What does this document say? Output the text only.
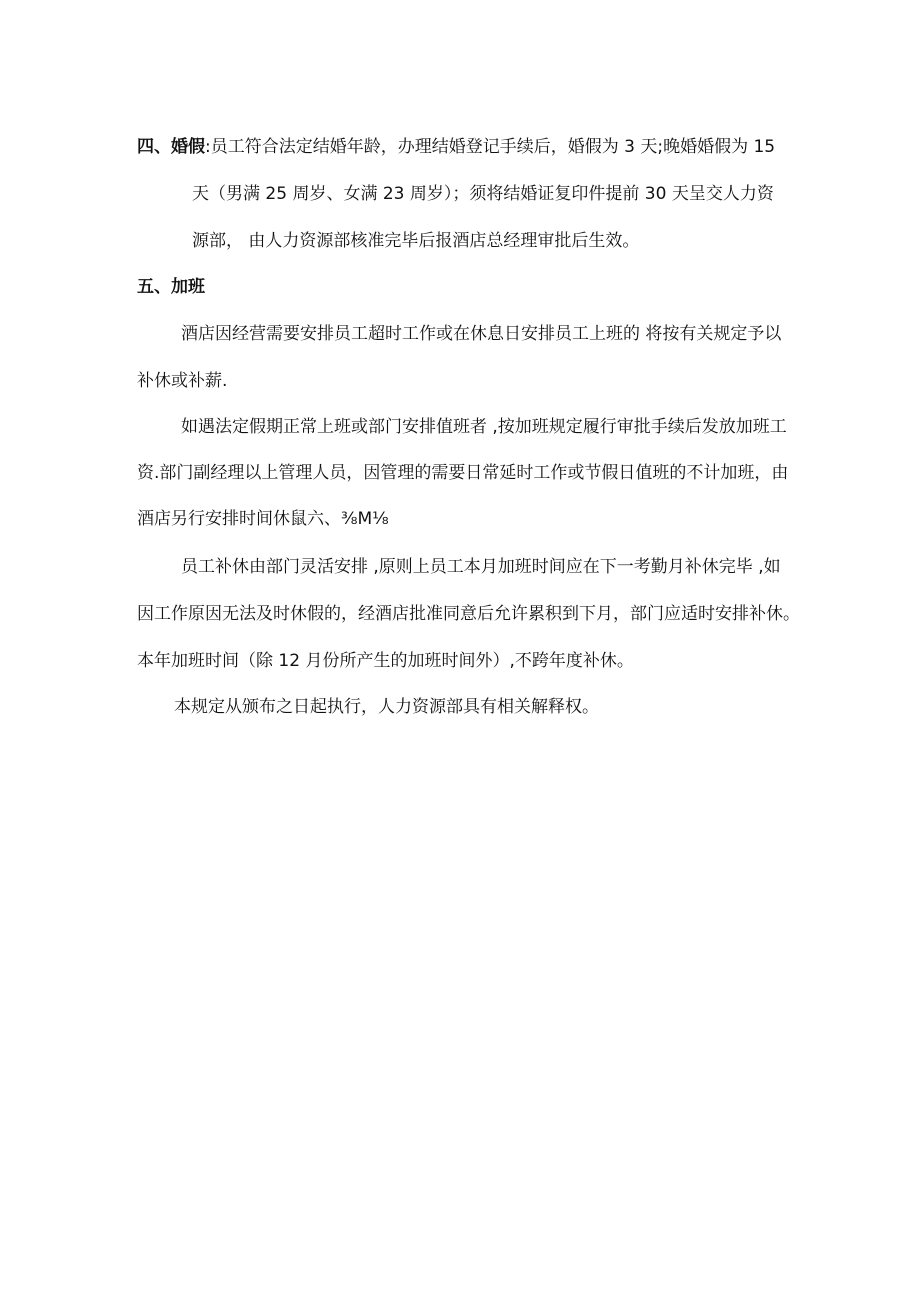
四、婚假:员工符合法定结婚年龄，办理结婚登记手续后，婚假为 3 天;晚婚婚假为 15
天（男满 25 周岁、女满 23 周岁）；须将结婚证复印件提前 30 天呈交人力资
源部， 由人力资源部核准完毕后报酒店总经理审批后生效。
五、加班
酒店因经营需要安排员工超时工作或在休息日安排员工上班的 将按有关规定予以
补休或补薪.
如遇法定假期正常上班或部门安排值班者 ,按加班规定履行审批手续后发放加班工
资.部门副经理以上管理人员，因管理的需要日常延时工作或节假日值班的不计加班，由
酒店另行安排时间休鼠六、⅜M⅛
员工补休由部门灵活安排 ,原则上员工本月加班时间应在下一考勤月补休完毕 ,如
因工作原因无法及时休假的，经酒店批准同意后允许累积到下月，部门应适时安排补休。
本年加班时间（除 12 月份所产生的加班时间外）,不跨年度补休。
本规定从颁布之日起执行，人力资源部具有相关解释权。
